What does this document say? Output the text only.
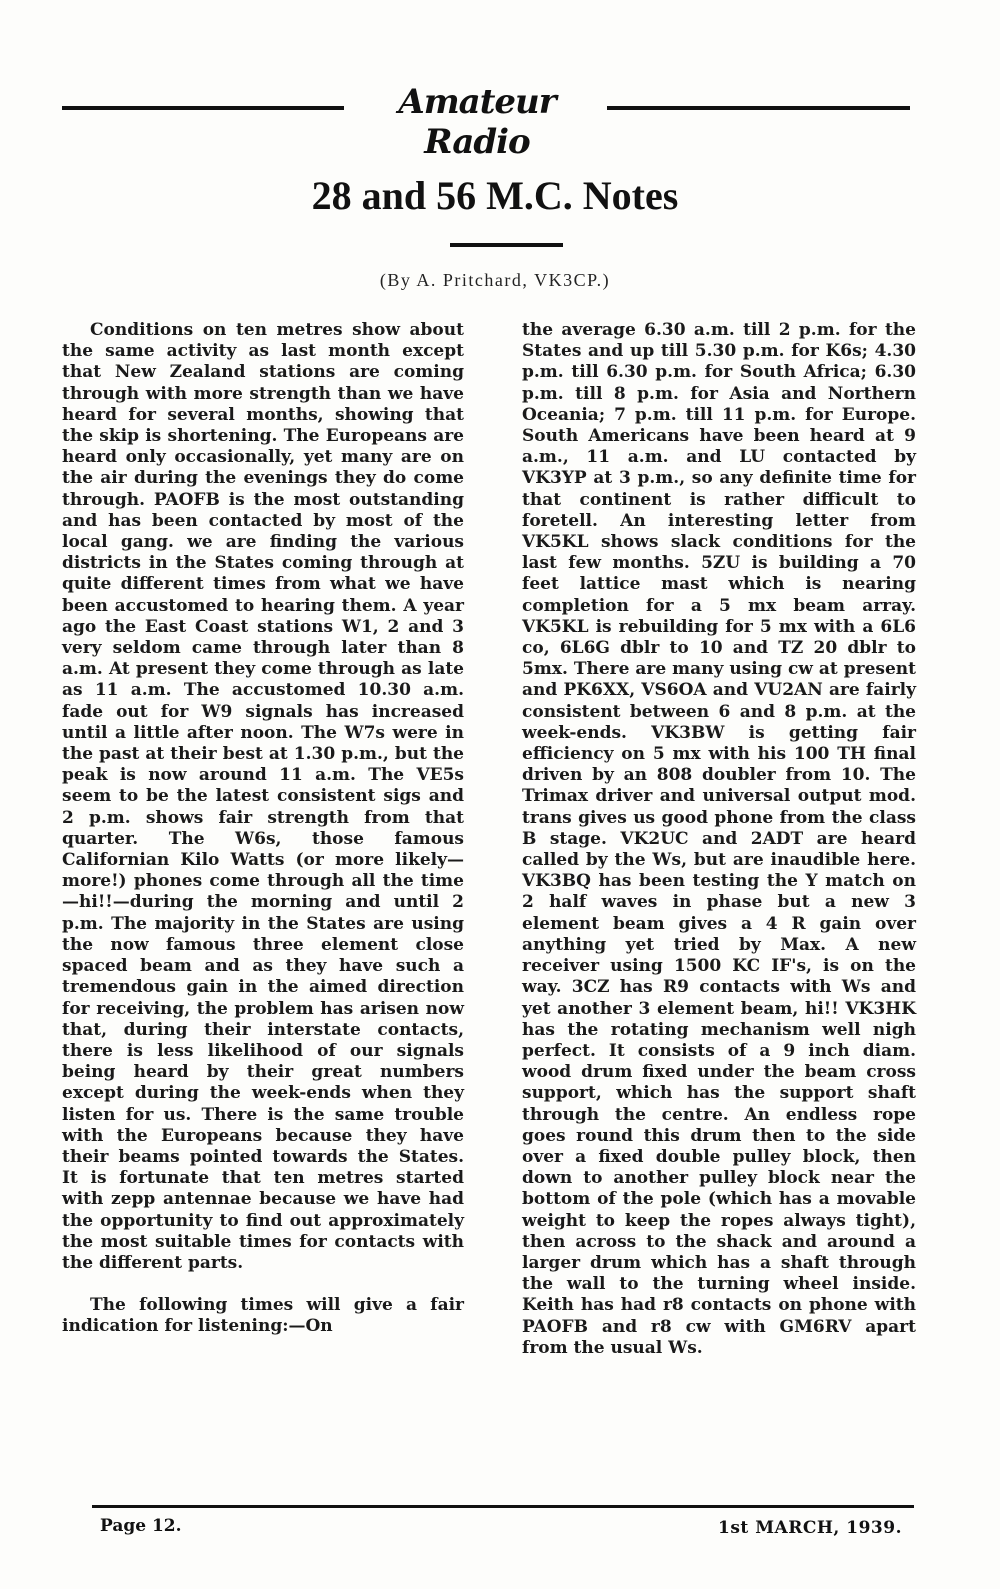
Amateur Radio
28 and 56 M.C. Notes
(By A. Pritchard, VK3CP.)

Conditions on ten metres show about the same activity as last month except that New Zealand stations are coming through with more strength than we have heard for several months, showing that the skip is shortening. The Europeans are heard only occasionally, yet many are on the air during the evenings they do come through. PAOFB is the most outstanding and has been contacted by most of the local gang. we are finding the various districts in the States coming through at quite different times from what we have been accustomed to hearing them. A year ago the East Coast stations W1, 2 and 3 very seldom came through later than 8 a.m. At present they come through as late as 11 a.m. The accustomed 10.30 a.m. fade out for W9 signals has increased until a little after noon. The W7s were in the past at their best at 1.30 p.m., but the peak is now around 11 a.m. The VE5s seem to be the latest consistent sigs and 2 p.m. shows fair strength from that quarter. The W6s, those famous Californian Kilo Watts (or more likely—more!) phones come through all the time—hi!!—during the morning and until 2 p.m. The majority in the States are using the now famous three element close spaced beam and as they have such a tremendous gain in the aimed direction for receiving, the problem has arisen now that, during their interstate contacts, there is less likelihood of our signals being heard by their great numbers except during the week-ends when they listen for us. There is the same trouble with the Europeans because they have their beams pointed towards the States. It is fortunate that ten metres started with zepp antennae because we have had the opportunity to find out approximately the most suitable times for contacts with the different parts.

The following times will give a fair indication for listening:—On

the average 6.30 a.m. till 2 p.m. for the States and up till 5.30 p.m. for K6s; 4.30 p.m. till 6.30 p.m. for South Africa; 6.30 p.m. till 8 p.m. for Asia and Northern Oceania; 7 p.m. till 11 p.m. for Europe. South Americans have been heard at 9 a.m., 11 a.m. and LU contacted by VK3YP at 3 p.m., so any definite time for that continent is rather difficult to foretell. An interesting letter from VK5KL shows slack conditions for the last few months. 5ZU is building a 70 feet lattice mast which is nearing completion for a 5 mx beam array. VK5KL is rebuilding for 5 mx with a 6L6 co, 6L6G dblr to 10 and TZ 20 dblr to 5mx. There are many using cw at present and PK6XX, VS6OA and VU2AN are fairly consistent between 6 and 8 p.m. at the week-ends. VK3BW is getting fair efficiency on 5 mx with his 100 TH final driven by an 808 doubler from 10. The Trimax driver and universal output mod. trans gives us good phone from the class B stage. VK2UC and 2ADT are heard called by the Ws, but are inaudible here. VK3BQ has been testing the Y match on 2 half waves in phase but a new 3 element beam gives a 4 R gain over anything yet tried by Max. A new receiver using 1500 KC IF's, is on the way. 3CZ has R9 contacts with Ws and yet another 3 element beam, hi!! VK3HK has the rotating mechanism well nigh perfect. It consists of a 9 inch diam. wood drum fixed under the beam cross support, which has the support shaft through the centre. An endless rope goes round this drum then to the side over a fixed double pulley block, then down to another pulley block near the bottom of the pole (which has a movable weight to keep the ropes always tight), then across to the shack and around a larger drum which has a shaft through the wall to the turning wheel inside. Keith has had r8 contacts on phone with PAOFB and r8 cw with GM6RV apart from the usual Ws.

Page 12.	1st MARCH, 1939.
